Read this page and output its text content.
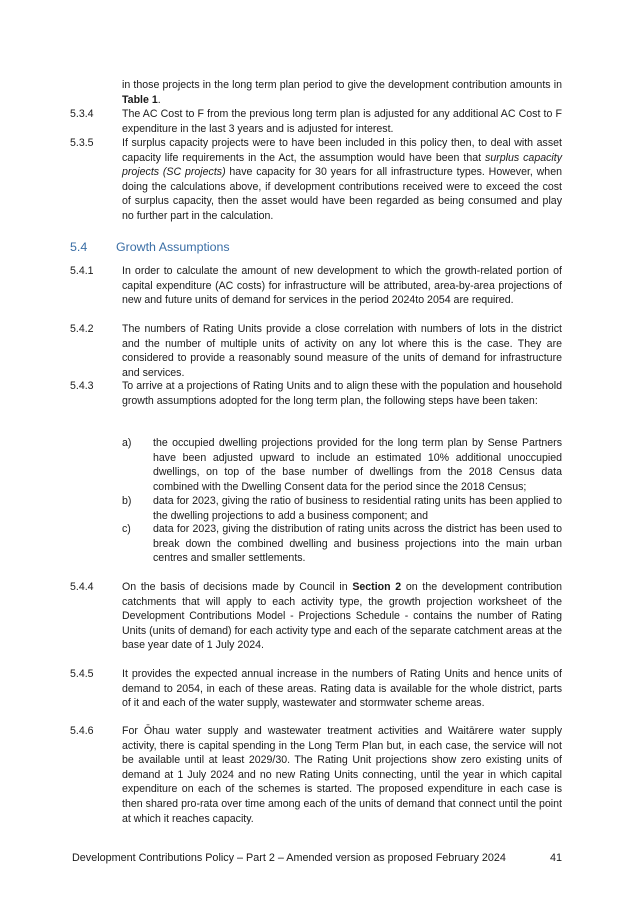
in those projects in the long term plan period to give the development contribution amounts in Table 1.
5.3.4	The AC Cost to F from the previous long term plan is adjusted for any additional AC Cost to F expenditure in the last 3 years and is adjusted for interest.
5.3.5	If surplus capacity projects were to have been included in this policy then, to deal with asset capacity life requirements in the Act, the assumption would have been that surplus capacity projects (SC projects) have capacity for 30 years for all infrastructure types. However, when doing the calculations above, if development contributions received were to exceed the cost of surplus capacity, then the asset would have been regarded as being consumed and play no further part in the calculation.
5.4 Growth Assumptions
5.4.1	In order to calculate the amount of new development to which the growth-related portion of capital expenditure (AC costs) for infrastructure will be attributed, area-by-area projections of new and future units of demand for services in the period 2024to 2054 are required.
5.4.2	The numbers of Rating Units provide a close correlation with numbers of lots in the district and the number of multiple units of activity on any lot where this is the case. They are considered to provide a reasonably sound measure of the units of demand for infrastructure and services.
5.4.3	To arrive at a projections of Rating Units and to align these with the population and household growth assumptions adopted for the long term plan, the following steps have been taken:
a)	the occupied dwelling projections provided for the long term plan by Sense Partners have been adjusted upward to include an estimated 10% additional unoccupied dwellings, on top of the base number of dwellings from the 2018 Census data combined with the Dwelling Consent data for the period since the 2018 Census;
b)	data for 2023, giving the ratio of business to residential rating units has been applied to the dwelling projections to add a business component; and
c)	data for 2023, giving the distribution of rating units across the district has been used to break down the combined dwelling and business projections into the main urban centres and smaller settlements.
5.4.4	On the basis of decisions made by Council in Section 2 on the development contribution catchments that will apply to each activity type, the growth projection worksheet of the Development Contributions Model - Projections Schedule - contains the number of Rating Units (units of demand) for each activity type and each of the separate catchment areas at the base year date of 1 July 2024.
5.4.5	It provides the expected annual increase in the numbers of Rating Units and hence units of demand to 2054, in each of these areas. Rating data is available for the whole district, parts of it and each of the water supply, wastewater and stormwater scheme areas.
5.4.6	For Ōhau water supply and wastewater treatment activities and Waitārere water supply activity, there is capital spending in the Long Term Plan but, in each case, the service will not be available until at least 2029/30. The Rating Unit projections show zero existing units of demand at 1 July 2024 and no new Rating Units connecting, until the year in which capital expenditure on each of the schemes is started. The proposed expenditure in each case is then shared pro-rata over time among each of the units of demand that connect until the point at which it reaches capacity.
Development Contributions Policy – Part 2 – Amended version as proposed February 2024	41
